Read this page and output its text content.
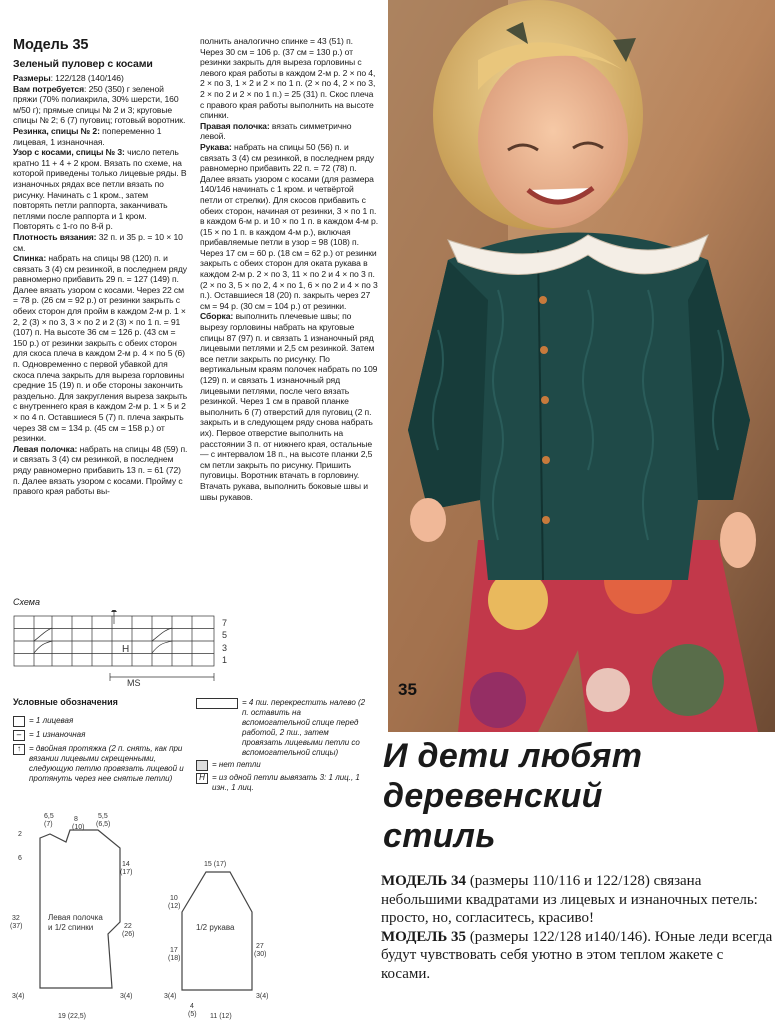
Модель 35

Зеленый пуловер с косами

Размеры: 122/128 (140/146)

Вам потребуется: 250 (350) г зеленой пряжи (70% полиакрила, 30% шерсти, 160 м/50 г); прямые спицы № 2 и 3; круговые спицы № 2; 6 (7) пуговиц; готовый воротник.

Резинка, спицы № 2: попеременно 1 лицевая, 1 изнаночная.

Узор с косами, спицы № 3: число петель кратно 11 + 4 + 2 кром. Вязать по схеме, на которой приведены только лицевые ряды. В изнаночных рядах все петли вязать по рисунку. Начинать с 1 кром., затем повторять петли раппорта, заканчивать петлями после раппорта и 1 кром. Повторять с 1-го по 8-й р.

Плотность вязания: 32 п. и 35 р. = 10 × 10 см.

Спинка: набрать на спицы 98 (120) п. и связать 3 (4) см резинкой, в последнем ряду равномерно прибавить 29 п. = 127 (149) п. Далее вязать узором с косами. Через 22 см = 78 р. (26 см = 92 р.) от резинки закрыть с обеих сторон для пройм в каждом 2-м р. 1 × 2, 2 (3) × по 3, 3 × по 2 и 2 (3) × по 1 п. = 91 (107) п. На высоте 36 см = 126 р. (43 см = 150 р.) от резинки закрыть с обеих сторон для скоса плеча в каждом 2-м р. 4 × по 5 (6) п. Одновременно с первой убавкой для скоса плеча закрыть для выреза горловины средние 15 (19) п. и обе стороны закончить раздельно. Для закругления выреза закрыть с внутреннего края в каждом 2-м р. 1 × 5 и 2 × по 4 п. Оставшиеся 5 (7) п. плеча закрыть через 38 см = 134 р. (45 см = 158 р.) от резинки.

Левая полочка: набрать на спицы 48 (59) п. и связать 3 (4) см резинкой, в последнем ряду равномерно прибавить 13 п. = 61 (72) п. Далее вязать узором с косами. Пройму с правого края работы вы-

полнить аналогично спинке = 43 (51) п. Через 30 см = 106 р. (37 см = 130 р.) от резинки закрыть для выреза горловины с левого края работы в каждом 2-м р. 2 × по 4, 2 × по 3, 1 × 2 и 2 × по 1 п. (2 × по 4, 2 × по 3, 2 × по 2 и 2 × по 1 п.) = 25 (31) п. Скос плеча с правого края работы выполнить на высоте спинки.

Правая полочка: вязать симметрично левой.

Рукава: набрать на спицы 50 (56) п. и связать 3 (4) см резинкой, в последнем ряду равномерно прибавить 22 п. = 72 (78) п. Далее вязать узором с косами (для размера 140/146 начинать с 1 кром. и четвёртой петли от стрелки). Для скосов прибавить с обеих сторон, начиная от резинки, 3 × по 1 п. в каждом 6-м р. и 10 × по 1 п. в каждом 4-м р. (15 × по 1 п. в каждом 4-м р.), включая прибавляемые петли в узор = 98 (108) п. Через 17 см = 60 р. (18 см = 62 р.) от резинки закрыть с обеих сторон для оката рукава в каждом 2-м р. 2 × по 3, 11 × по 2 и 4 × по 3 п. (2 × по 3, 5 × по 2, 4 × по 1, 6 × по 2 и 4 × по 3 п.). Оставшиеся 18 (20) п. закрыть через 27 см = 94 р. (30 см = 104 р.) от резинки.

Сборка: выполнить плечевые швы; по вырезу горловины набрать на круговые спицы 87 (97) п. и связать 1 изнаночный ряд лицевыми петлями и 2,5 см резинкой. Затем все петли закрыть по рисунку. По вертикальным краям полочек набрать по 109 (129) п. и связать 1 изнаночный ряд лицевыми петлями, после чего вязать резинкой. Через 1 см в правой планке выполнить 6 (7) отверстий для пуговиц (2 п. закрыть и в следующем ряду снова набрать их). Первое отверстие выполнить на расстоянии 3 п. от нижнего края, остальные — с интервалом 18 п., на высоте планки 2,5 см петли закрыть по рисунку. Пришить пуговицы. Воротник втачать в горловину. Втачать рукава, выполнить боковые швы и швы рукавов.

Схема
7
5
3
1
H
MS
Условные обозначения
= 1 лицевая
– = 1 изнаночная
↑	= двойная протяжка (2 п. снять, как при вязании лицевыми скрещенными, следующую петлю провязать лицевой и протянуть через нее снятые петли)
= 4 пш. перекрестить налево (2 п. оставить на вспомогательной спице перед работой, 2 пш., затем провязать лицевыми петли со вспомогательной спицы)
= нет петли
H = из одной петли вывязать 3: 1 лиц., 1 изн., 1 лиц.
Левая полочка
и 1/2 спинки
6,5
(7)
8
(10)
5,5
(6,5)
2
6
14
(17)
32
(37)	22
(26)
3(4)	3(4)
19 (22,5)
1/2 рукава
15 (17)
10
(12)
17
(18)
27
(30)
3(4)	3(4)
4
(5) 11 (12)
35
И дети любят
деревенский
стиль

МОДЕЛЬ 34 (размеры 110/116 и 122/128) связана небольшими квадратами из лицевых и изнаночных петель: просто, но, согласитесь, красиво!

МОДЕЛЬ 35 (размеры 122/128 и140/146). Юные леди всегда будут чувствовать себя уютно в этом теплом жакете с косами.
